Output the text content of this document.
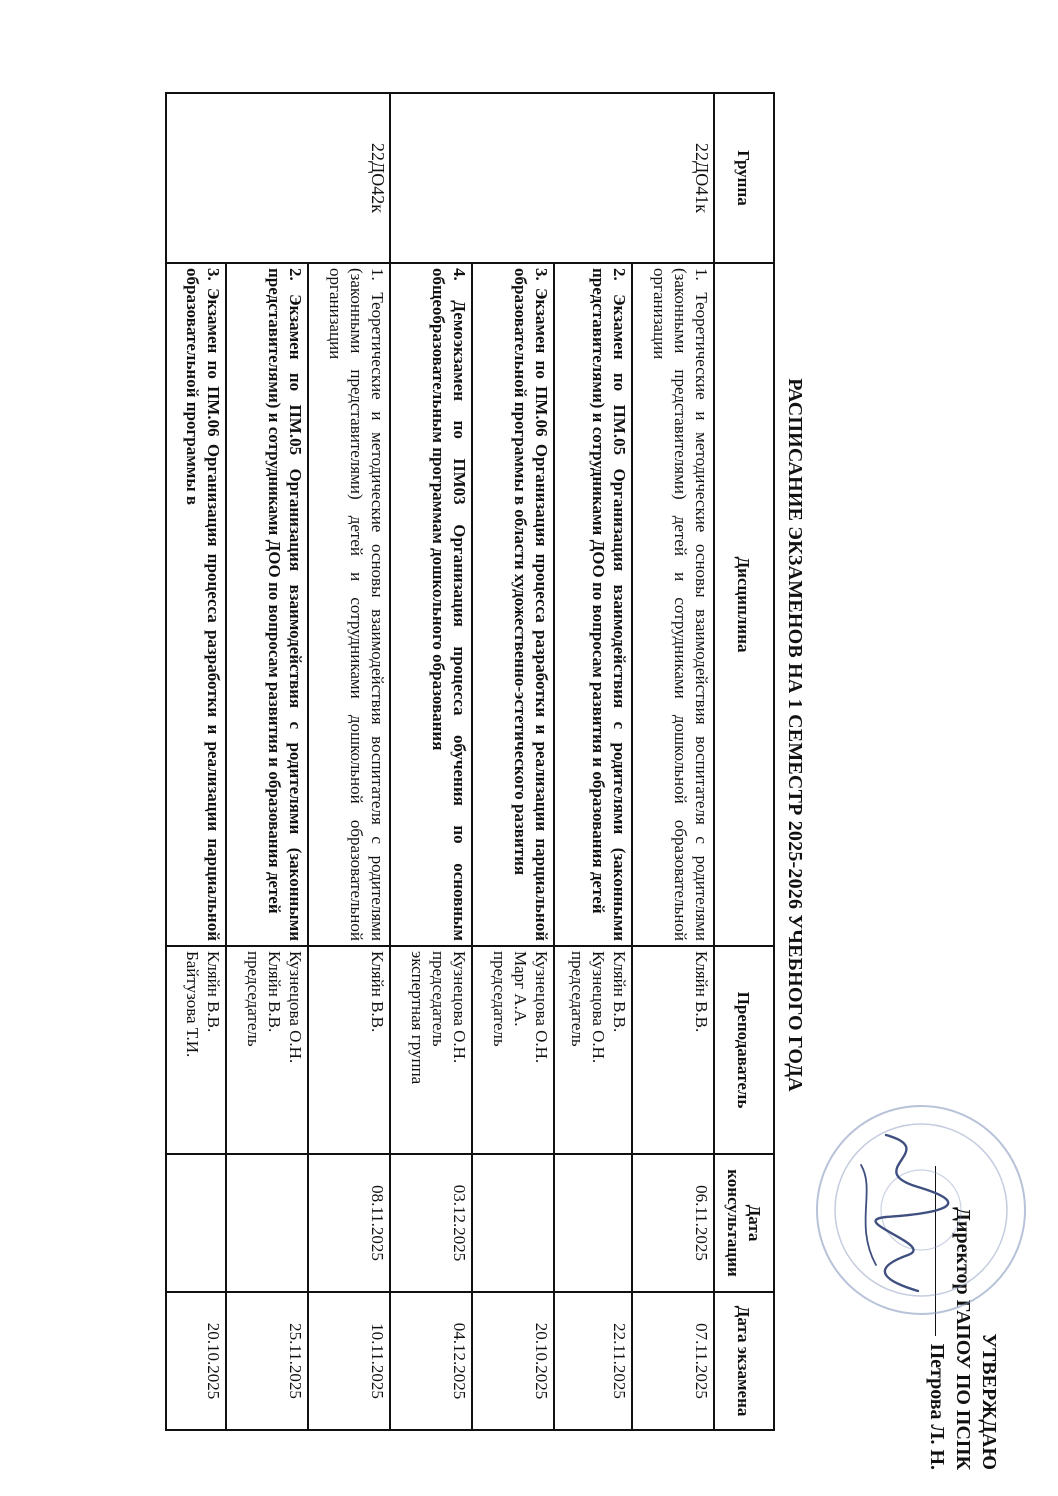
УТВЕРЖДАЮ
Директор ГАПОУ ПО ПСПК
Петрова Л. Н.
РАСПИСАНИЕ ЭКЗАМЕНОВ НА 1 СЕМЕСТР 2025-2026 УЧЕБНОГО ГОДА
Группа	Дисциплина	Преподаватель	Дата консультации	Дата экзамена
22ДО41к	1. Теоретические и методические основы взаимодействия воспитателя с родителями (законными представителями) детей и сотрудниками дошкольной образовательной организации	Кляйн В.В.	06.11.2025	07.11.2025
	2. Экзамен по ПМ.05 Организация взаимодействия с родителями (законными представителями) и сотрудниками ДОО по вопросам развития и образования детей	Кляйн В.В.
Кузнецова О.Н.
председатель		22.11.2025
	3. Экзамен по ПМ.06 Организация процесса разработки и реализации парциальной образовательной программы в области художественно-эстетического развития	Кузнецова О.Н.
Марг А.А.
председатель		20.10.2025
	4. Демоэкзамен по ПМ03 Организация процесса обучения по основным общеобразовательным программам дошкольного образования	Кузнецова О.Н.
председатель
экспертная группа	03.12.2025	04.12.2025
22ДО42к	1. Теоретические и методические основы взаимодействия воспитателя с родителями (законными представителями) детей и сотрудниками дошкольной образовательной организации	Кляйн В.В.	08.11.2025	10.11.2025
	2. Экзамен по ПМ.05 Организация взаимодействия с родителями (законными представителями) и сотрудниками ДОО по вопросам развития и образования детей	Кузнецова О.Н.
Кляйн В.В.
председатель		25.11.2025
	3. Экзамен по ПМ.06 Организация процесса разработки и реализации парциальной образовательной программы в	Кляйн В.В.
Байтузова Т.И.		20.10.2025
